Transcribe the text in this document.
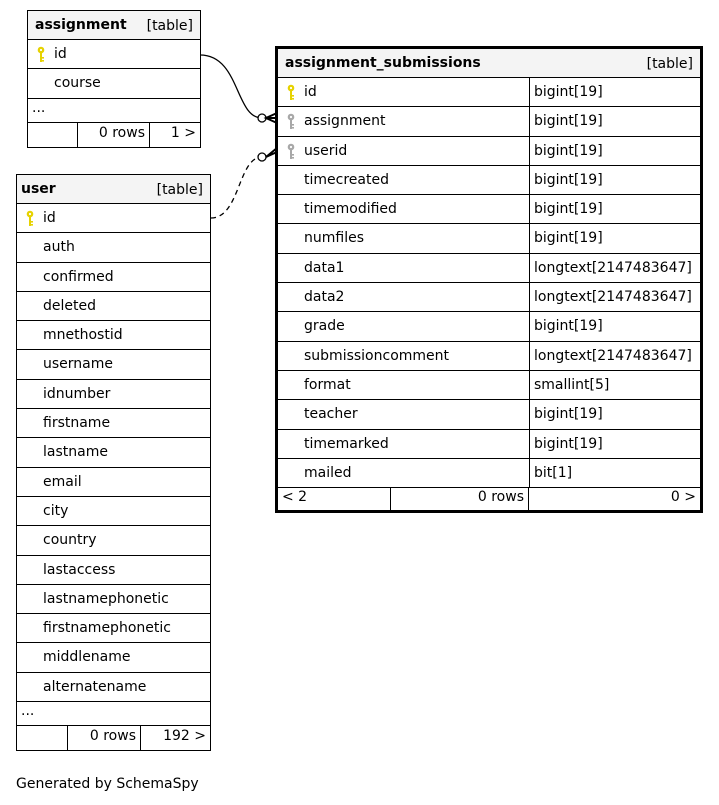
assignment [table]
id
course
...
0 rows 1 >
user	[table]
id
auth
confirmed
deleted
mnethostid
username
idnumber
firstname
lastname
email
city
country
lastaccess
lastnamephonetic
firstnamephonetic
middlename
alternatename
...
0 rows 192 >
assignment_submissions	[table]
id	bigint[19]
assignment	bigint[19]
userid	bigint[19]
timecreated	bigint[19]
timemodified	bigint[19]
numfiles	bigint[19]
data1	longtext[2147483647]
data2	longtext[2147483647]
grade	bigint[19]
submissioncomment	longtext[2147483647]
format	smallint[5]
teacher	bigint[19]
timemarked	bigint[19]
mailed	bit[1]
< 2	0 rows	0 >
Generated by SchemaSpy
